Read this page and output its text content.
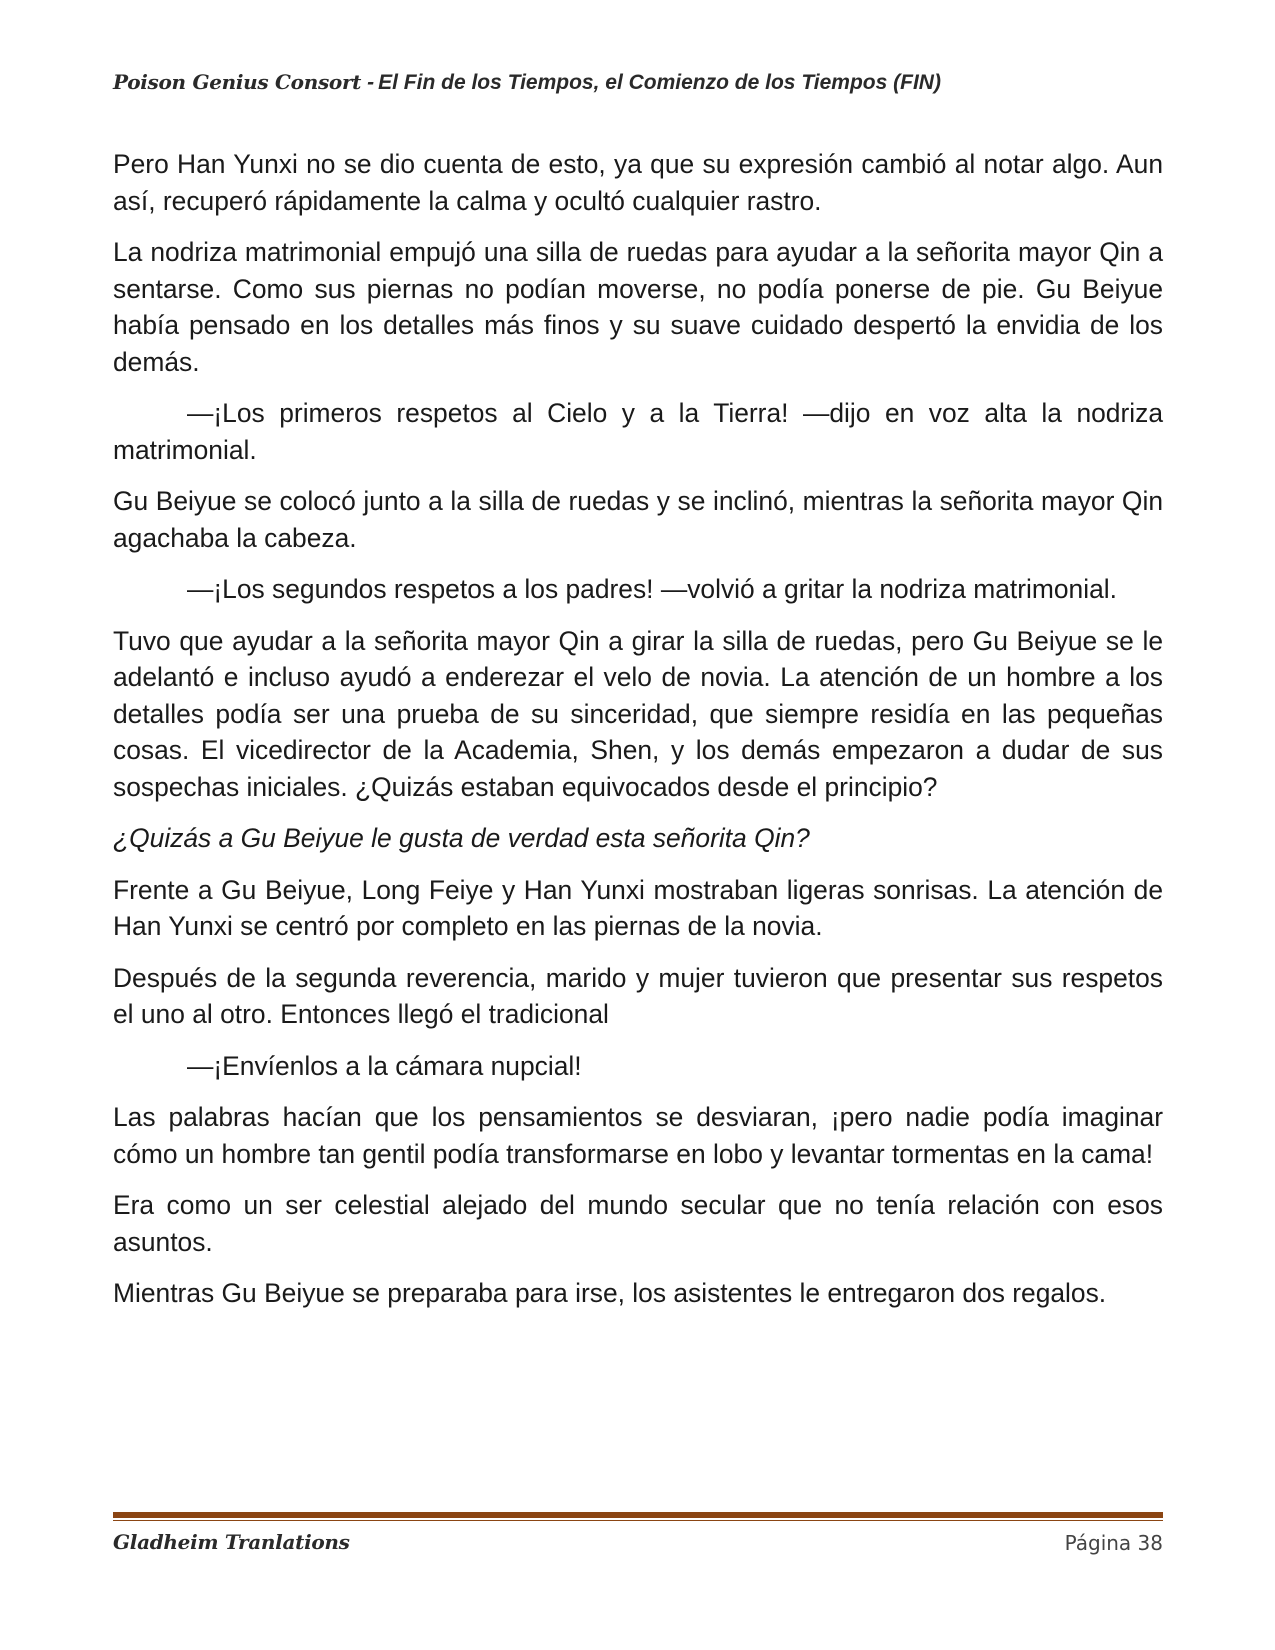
Poison Genius Consort - El Fin de los Tiempos, el Comienzo de los Tiempos (FIN)

Pero Han Yunxi no se dio cuenta de esto, ya que su expresión cambió al notar algo. Aun así, recuperó rápidamente la calma y ocultó cualquier rastro.

La nodriza matrimonial empujó una silla de ruedas para ayudar a la señorita mayor Qin a sentarse. Como sus piernas no podían moverse, no podía ponerse de pie. Gu Beiyue había pensado en los detalles más finos y su suave cuidado despertó la envidia de los demás.

—¡Los primeros respetos al Cielo y a la Tierra! —dijo en voz alta la nodriza matrimonial.

Gu Beiyue se colocó junto a la silla de ruedas y se inclinó, mientras la señorita mayor Qin agachaba la cabeza.

—¡Los segundos respetos a los padres! —volvió a gritar la nodriza matrimonial.

Tuvo que ayudar a la señorita mayor Qin a girar la silla de ruedas, pero Gu Beiyue se le adelantó e incluso ayudó a enderezar el velo de novia. La atención de un hombre a los detalles podía ser una prueba de su sinceridad, que siempre residía en las pequeñas cosas. El vicedirector de la Academia, Shen, y los demás empezaron a dudar de sus sospechas iniciales. ¿Quizás estaban equivocados desde el principio?

¿Quizás a Gu Beiyue le gusta de verdad esta señorita Qin?

Frente a Gu Beiyue, Long Feiye y Han Yunxi mostraban ligeras sonrisas. La atención de Han Yunxi se centró por completo en las piernas de la novia.

Después de la segunda reverencia, marido y mujer tuvieron que presentar sus respetos el uno al otro. Entonces llegó el tradicional

—¡Envíenlos a la cámara nupcial!

Las palabras hacían que los pensamientos se desviaran, ¡pero nadie podía imaginar cómo un hombre tan gentil podía transformarse en lobo y levantar tormentas en la cama!

Era como un ser celestial alejado del mundo secular que no tenía relación con esos asuntos.

Mientras Gu Beiyue se preparaba para irse, los asistentes le entregaron dos regalos.

Gladheim Tranlations	Página 38
